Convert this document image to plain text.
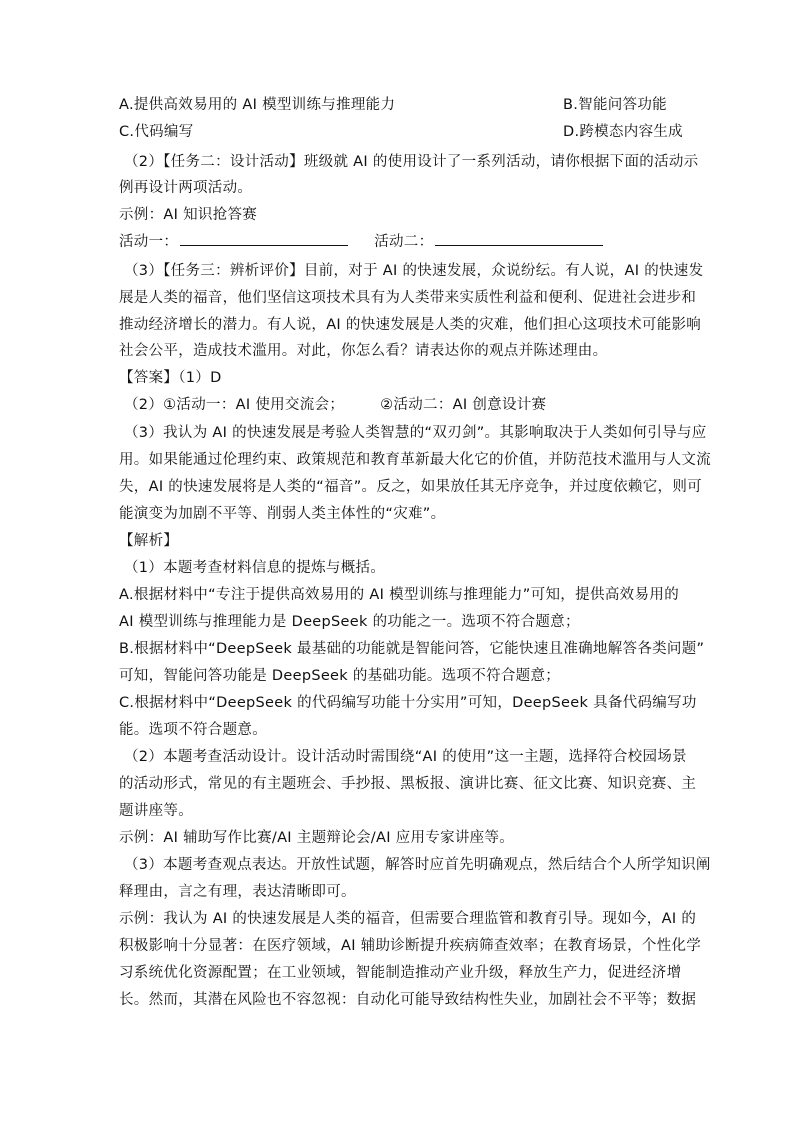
A.提供高效易用的 AI 模型训练与推理能力	B.智能问答功能
C.代码编写	D.跨模态内容生成
（2）【任务二：设计活动】班级就 AI 的使用设计了一系列活动，请你根据下面的活动示
例再设计两项活动。
示例：AI 知识抢答赛
活动一：	活动二：
（3）【任务三：辨析评价】目前，对于 AI 的快速发展，众说纷纭。有人说，AI 的快速发
展是人类的福音，他们坚信这项技术具有为人类带来实质性利益和便利、促进社会进步和
推动经济增长的潜力。有人说，AI 的快速发展是人类的灾难，他们担心这项技术可能影响
社会公平，造成技术滥用。对此，你怎么看？请表达你的观点并陈述理由。
【答案】（1）D
（2）①活动一：AI 使用交流会； ②活动二：AI 创意设计赛
（3）我认为 AI 的快速发展是考验人类智慧的“双刃剑”。其影响取决于人类如何引导与应
用。如果能通过伦理约束、政策规范和教育革新最大化它的价值，并防范技术滥用与人文流
失，AI 的快速发展将是人类的“福音”。反之，如果放任其无序竞争，并过度依赖它，则可
能演变为加剧不平等、削弱人类主体性的“灾难”。
【解析】
（1）本题考查材料信息的提炼与概括。
A.根据材料中“专注于提供高效易用的 AI 模型训练与推理能力”可知，提供高效易用的
AI 模型训练与推理能力是 DeepSeek 的功能之一。选项不符合题意；
B.根据材料中“DeepSeek 最基础的功能就是智能问答，它能快速且准确地解答各类问题”
可知，智能问答功能是 DeepSeek 的基础功能。选项不符合题意；
C.根据材料中“DeepSeek 的代码编写功能十分实用”可知，DeepSeek 具备代码编写功
能。选项不符合题意。
（2）本题考查活动设计。设计活动时需围绕“AI 的使用”这一主题，选择符合校园场景
的活动形式，常见的有主题班会、手抄报、黑板报、演讲比赛、征文比赛、知识竞赛、主
题讲座等。
示例：AI 辅助写作比赛/AI 主题辩论会/AI 应用专家讲座等。
（3）本题考查观点表达。开放性试题，解答时应首先明确观点，然后结合个人所学知识阐
释理由，言之有理，表达清晰即可。
示例：我认为 AI 的快速发展是人类的福音，但需要合理监管和教育引导。现如今，AI 的
积极影响十分显著：在医疗领域，AI 辅助诊断提升疾病筛查效率；在教育场景，个性化学
习系统优化资源配置；在工业领域，智能制造推动产业升级，释放生产力，促进经济增
长。然而，其潜在风险也不容忽视：自动化可能导致结构性失业，加剧社会不平等；数据
